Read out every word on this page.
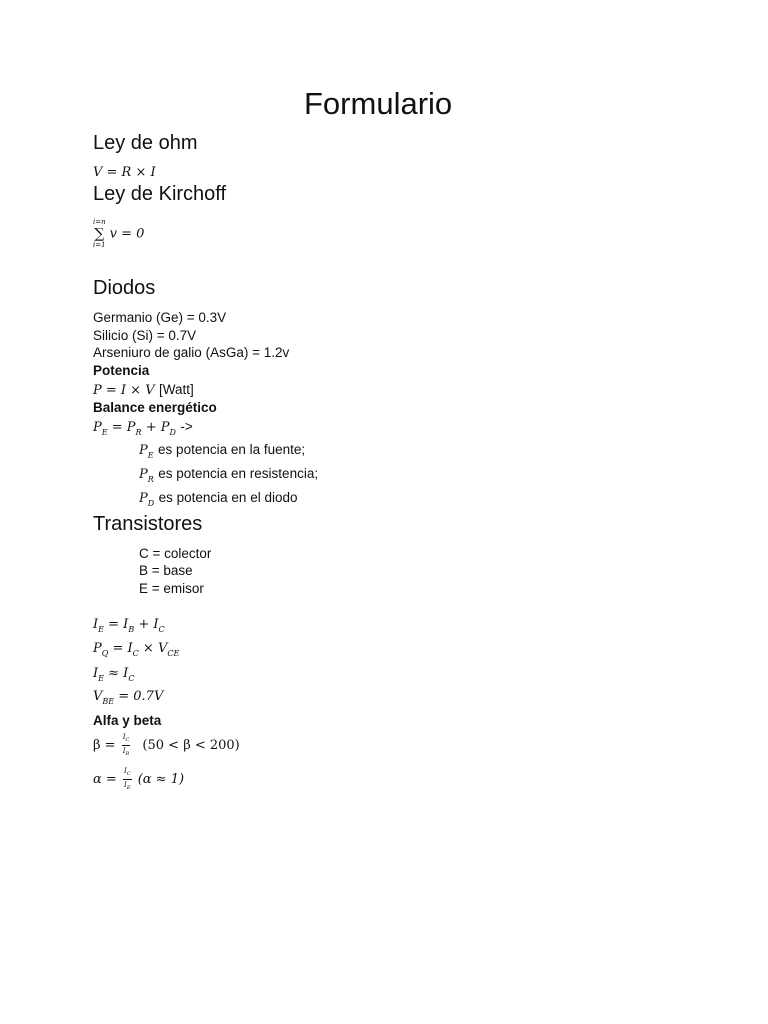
Formulario
Ley de ohm
V = R × I
Ley de Kirchoff
i=n
∑
i=1v = 0
Diodos
Germanio (Ge) = 0.3V
Silicio (Si) = 0.7V
Arseniuro de galio (AsGa) = 1.2v
Potencia
P = I × V [Watt]
Balance energético
$P_E = P_R + P_D$ ->
$P_E$ es potencia en la fuente;
$P_R$ es potencia en resistencia;
$P_D$ es potencia en el diodo
Transistores
C = colector
B = base
E = emisor
$I_E = I_B + I_C$
$P_Q = I_C \times V_{CE}$
$I_E \approx I_C$
$V_{BE} = 0.7V$
Alfa y beta
$\beta = \frac{I_C}{I_B} (50 < \beta < 200)$
$\alpha = \frac{I_C}{I_E} (\alpha \approx 1)$
